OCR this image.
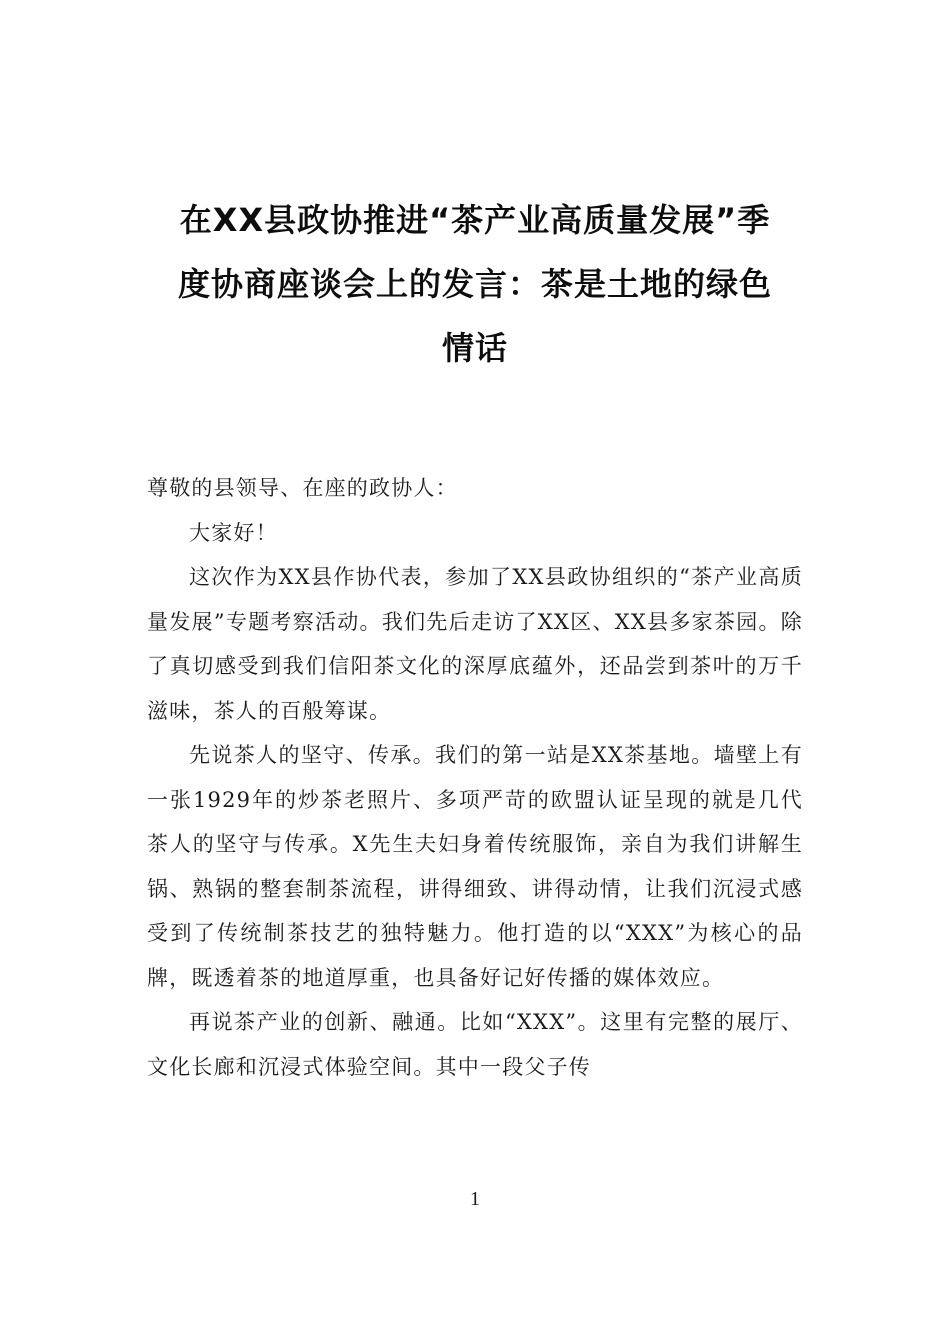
在XX县政协推进“茶产业高质量发展”季
度协商座谈会上的发言：茶是土地的绿色
情话

尊敬的县领导、在座的政协人：

大家好！

这次作为XX县作协代表，参加了XX县政协组织的“茶产业高质量发展”专题考察活动。我们先后走访了XX区、XX县多家茶园。除了真切感受到我们信阳茶文化的深厚底蕴外，还品尝到茶叶的万千滋味，茶人的百般筹谋。

先说茶人的坚守、传承。我们的第一站是XX茶基地。墙壁上有一张1929年的炒茶老照片、多项严苛的欧盟认证呈现的就是几代茶人的坚守与传承。X先生夫妇身着传统服饰，亲自为我们讲解生锅、熟锅的整套制茶流程，讲得细致、讲得动情，让我们沉浸式感受到了传统制茶技艺的独特魅力。他打造的以“XXX”为核心的品牌，既透着茶的地道厚重，也具备好记好传播的媒体效应。

再说茶产业的创新、融通。比如“XXX”。这里有完整的展厅、文化长廊和沉浸式体验空间。其中一段父子传

1
